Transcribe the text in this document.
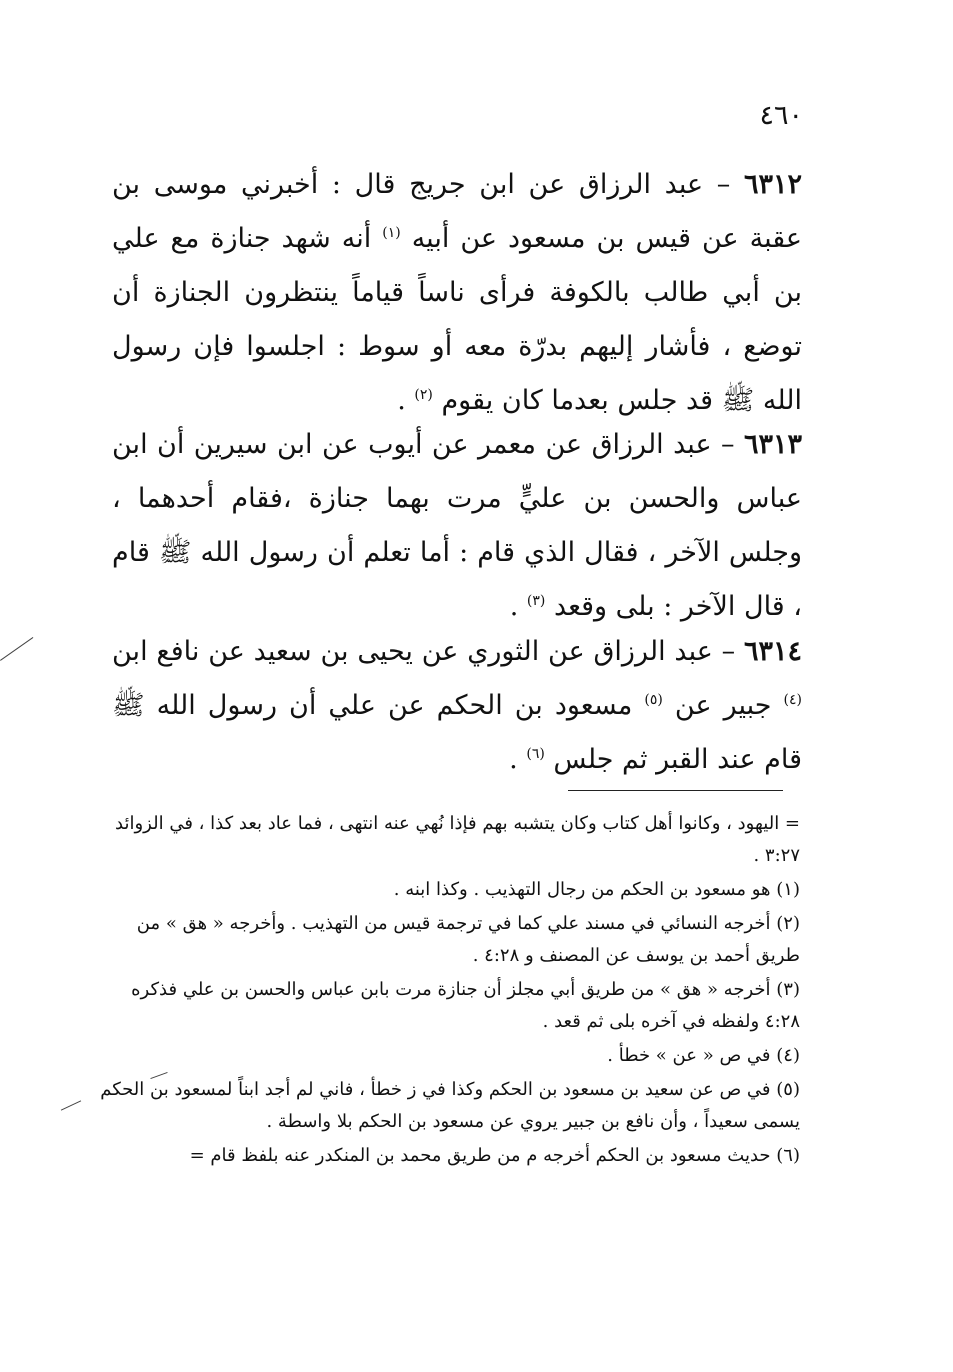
٤٦٠

٦٣١٢ – عبد الرزاق عن ابن جريج قال : أخبرني موسى بن عقبة عن قيس بن مسعود عن أبيه $^{(١)}$ أنه شهد جنازة مع علي بن أبي طالب بالكوفة فرأى ناساً قياماً ينتظرون الجنازة أن توضع ، فأشار إليهم بدرّة معه أو سوط : اجلسوا فإن رسول الله ﷺ قد جلس بعدما كان يقوم $^{(٢)}$ .

٦٣١٣ – عبد الرزاق عن معمر عن أيوب عن ابن سيرين أن ابن عباس والحسن بن عليٍّ مرت بهما جنازة ،فقام أحدهما ، وجلس الآخر ، فقال الذي قام : أما تعلم أن رسول الله ﷺ قام ، قال الآخر : بلى وقعد $^{(٣)}$ .

٦٣١٤ – عبد الرزاق عن الثوري عن يحيى بن سعيد عن نافع ابن $^{(٤)}$ جبير عن $^{(٥)}$ مسعود بن الحكم عن علي أن رسول الله ﷺ قام عند القبر ثم جلس $^{(٦)}$ .

= اليهود ، وكانوا أهل كتاب وكان يتشبه بهم فإذا نُهي عنه انتهى ، فما عاد بعد كذا ، في الزوائد ٣:٢٧ .

(١) هو مسعود بن الحكم من رجال التهذيب . وكذا ابنه .

(٢) أخرجه النسائي في مسند علي كما في ترجمة قيس من التهذيب . وأخرجه « هق » من طريق أحمد بن يوسف عن المصنف و ٤:٢٨ .

(٣) أخرجه « هق » من طريق أبي مجلز أن جنازة مرت بابن عباس والحسن بن علي فذكره ٤:٢٨ ولفظه في آخره بلى ثم قعد .

(٤) في ص « عن » خطأ .

(٥) في ص عن سعيد بن مسعود بن الحكم وكذا في ز خطأ ، فاني لم أجد ابناً لمسعود بن الحكم يسمى سعيداً ، وأن نافع بن جبير يروي عن مسعود بن الحكم بلا واسطة .

(٦) حديث مسعود بن الحكم أخرجه م من طريق محمد بن المنكدر عنه بلفظ قام =
